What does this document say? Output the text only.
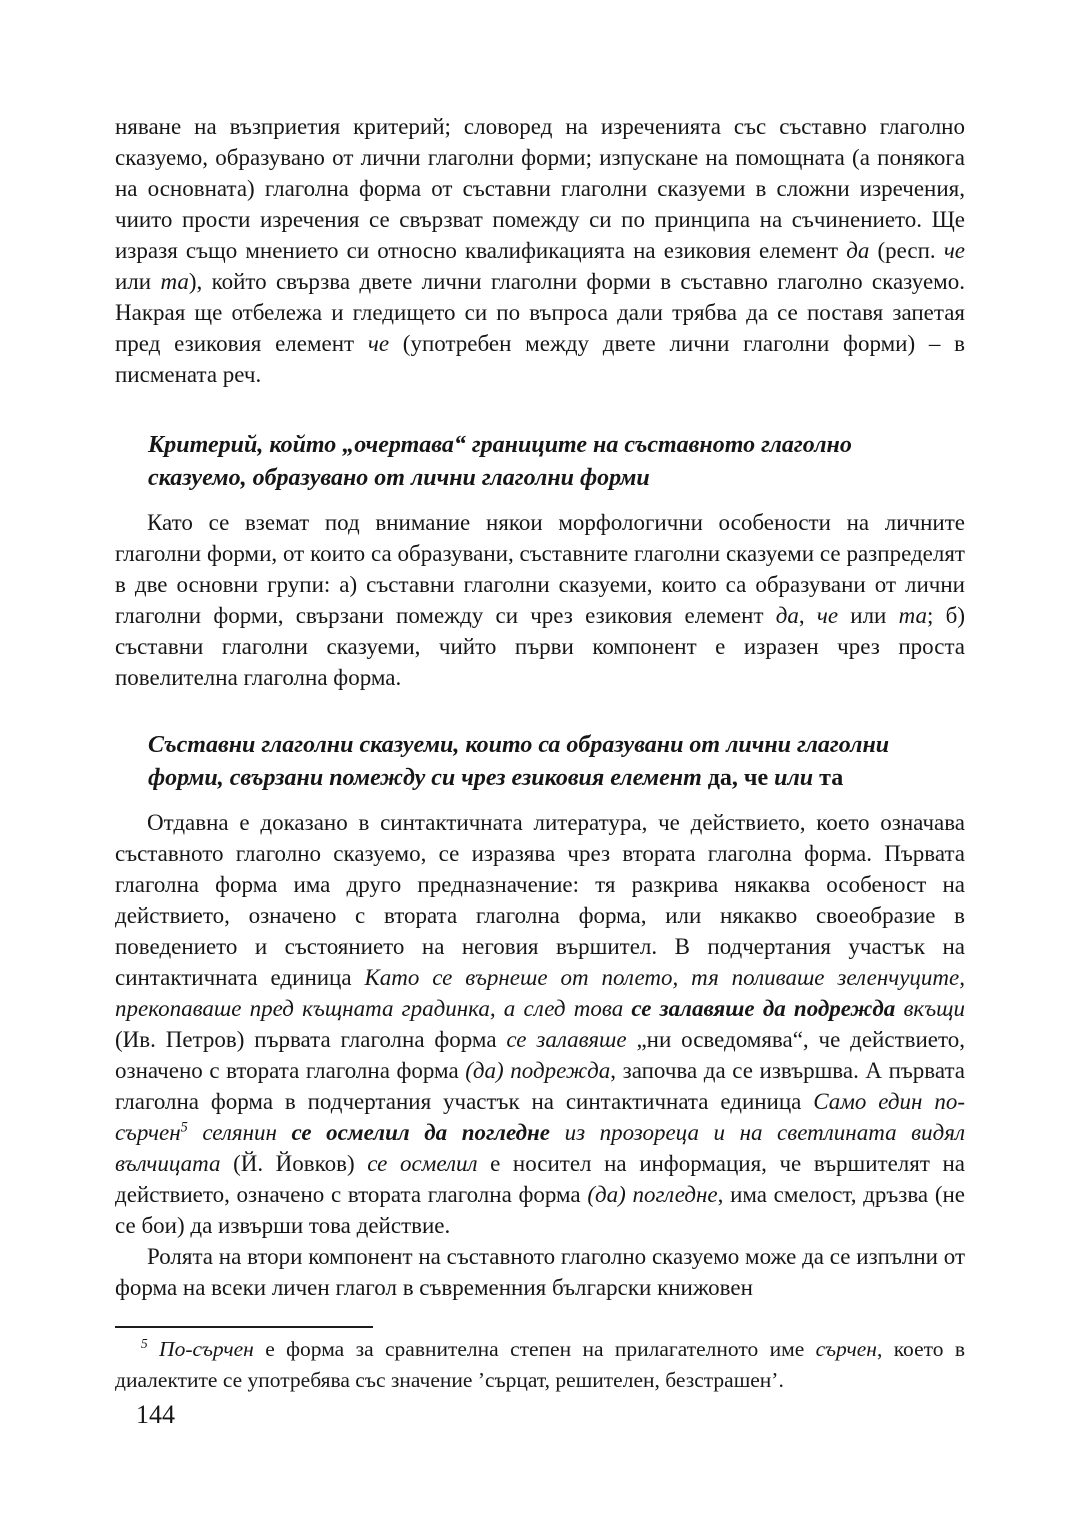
няване на възприетия критерий; словоред на изреченията със съставно глаголно сказуемо, образувано от лични глаголни форми; изпускане на помощната (а понякога на основната) глаголна форма от съставни глаголни сказуеми в сложни изречения, чиито прости изречения се свързват помежду си по принципа на съчинението. Ще изразя също мнението си относно квалификацията на езиковия елемент да (респ. че или та), който свързва двете лични глаголни форми в съставно глаголно сказуемо. Накрая ще отбележа и гледището си по въпроса дали трябва да се поставя запетая пред езиковия елемент че (употребен между двете лични глаголни форми) – в писмената реч.

Критерий, който „очертава“ границите на съставното глаголно сказуемо, образувано от лични глаголни форми

Като се вземат под внимание някои морфологични особености на личните глаголни форми, от които са образувани, съставните глаголни сказуеми се разпределят в две основни групи: а) съставни глаголни сказуеми, които са образувани от лични глаголни форми, свързани помежду си чрез езиковия елемент да, че или та; б) съставни глаголни сказуеми, чийто първи компонент е изразен чрез проста повелителна глаголна форма.

Съставни глаголни сказуеми, които са образувани от лични глаголни форми, свързани помежду си чрез езиковия елемент да, че или та

Отдавна е доказано в синтактичната литература, че действието, което означава съставното глаголно сказуемо, се изразява чрез втората глаголна форма. Първата глаголна форма има друго предназначение: тя разкрива някаква особеност на действието, означено с втората глаголна форма, или някакво своеобразие в поведението и състоянието на неговия вършител. В подчертания участък на синтактичната единица Като се върнеше от полето, тя поливаше зеленчуците, прекопаваше пред къщната градинка, а след това се залавяше да подрежда вкъщи (Ив. Петров) първата глаголна форма се залавяше „ни осведомява“, че действието, означено с втората глаголна форма (да) подрежда, започва да се извършва. А първата глаголна форма в подчертания участък на синтактичната единица Само един по-сърчен$^5$ селянин се осмелил да погледне из прозореца и на светлината видял вълчицата (Й. Йовков) се осмелил е носител на информация, че вършителят на действието, означено с втората глаголна форма (да) погледне, има смелост, дръзва (не се бои) да извърши това действие.

Ролята на втори компонент на съставното глаголно сказуемо може да се изпълни от форма на всеки личен глагол в съвременния български книжовен

$^5$ По-сърчен е форма за сравнителна степен на прилагателното име сърчен, което в диалектите се употребява със значение ’сърцат, решителен, безстрашен’.

144
